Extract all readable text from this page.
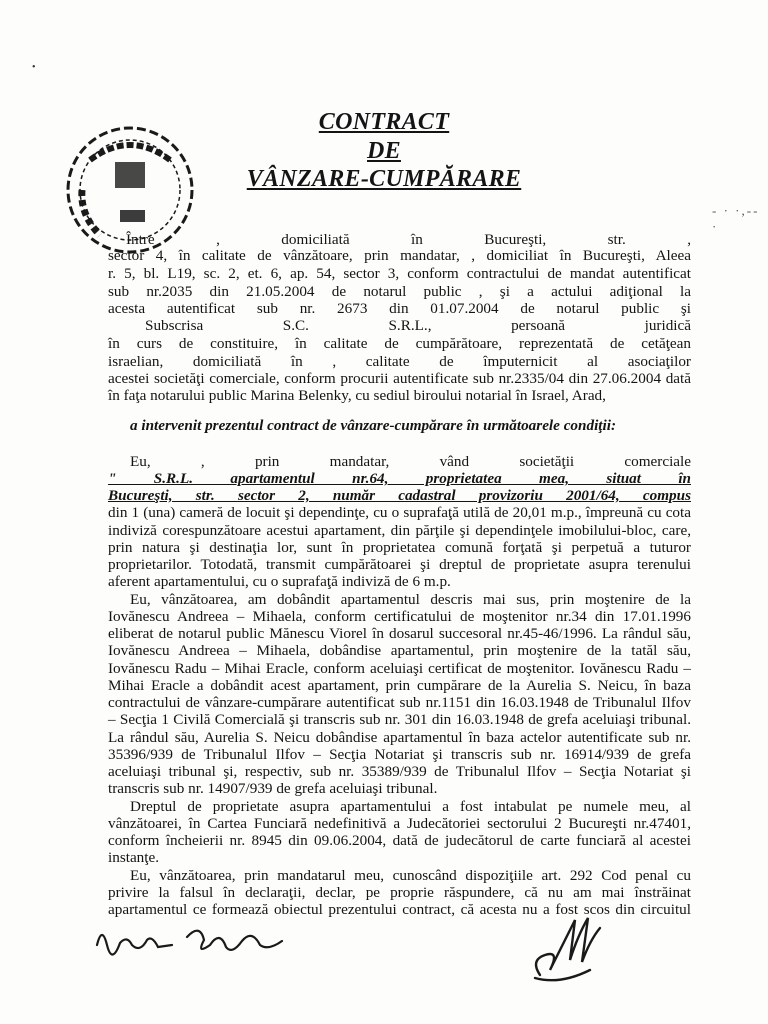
•
- · ·,-- ·
CONTRACT
DE
VÂNZARE-CUMPĂRARE
Între , domiciliată în Bucureşti, str. ,
sector 4, în calitate de vânzătoare, prin mandatar, , domiciliat în Bucureşti, Aleea
r. 5, bl. L19, sc. 2, et. 6, ap. 54, sector 3, conform contractului de mandat autentificat
sub nr.2035 din 21.05.2004 de notarul public , şi a actului adiţional la
acesta autentificat sub nr. 2673 din 01.07.2004 de notarul public şi
Subscrisa S.C. S.R.L., persoană juridică
în curs de constituire, în calitate de cumpărătoare, reprezentată de cetăţean
israelian, domiciliată în , calitate de împuternicit al asociaţilor
acestei societăţi comerciale, conform procurii autentificate sub nr.2335/04 din 27.06.2004 dată
în faţa notarului public Marina Belenky, cu sediul biroului notarial în Israel, Arad,
a intervenit prezentul contract de vânzare-cumpărare în următoarele condiţii:
Eu, , prin mandatar, vând societăţii comerciale
" S.R.L. apartamentul nr.64, proprietatea mea, situat în
Bucureşti, str. sector 2, număr cadastral provizoriu 2001/64, compus
din 1 (una) cameră de locuit şi dependinţe, cu o suprafaţă utilă de 20,01 m.p., împreună cu cota
indiviză corespunzătoare acestui apartament, din părţile şi dependinţele imobilului-bloc, care,
prin natura şi destinaţia lor, sunt în proprietatea comună forţată şi perpetuă a tuturor
proprietarilor. Totodată, transmit cumpărătoarei şi dreptul de proprietate asupra terenului
aferent apartamentului, cu o suprafaţă indiviză de 6 m.p.
Eu, vânzătoarea, am dobândit apartamentul descris mai sus, prin moştenire de la
Iovănescu Andreea – Mihaela, conform certificatului de moştenitor nr.34 din 17.01.1996
eliberat de notarul public Mănescu Viorel în dosarul succesoral nr.45-46/1996. La rândul său,
Iovănescu Andreea – Mihaela, dobândise apartamentul, prin moştenire de la tatăl său,
Iovănescu Radu – Mihai Eracle, conform aceluiaşi certificat de moştenitor. Iovănescu Radu –
Mihai Eracle a dobândit acest apartament, prin cumpărare de la Aurelia S. Neicu, în baza
contractului de vânzare-cumpărare autentificat sub nr.1151 din 16.03.1948 de Tribunalul Ilfov
– Secţia 1 Civilă Comercială şi transcris sub nr. 301 din 16.03.1948 de grefa aceluiaşi tribunal.
La rândul său, Aurelia S. Neicu dobândise apartamentul în baza actelor autentificate sub nr.
35396/939 de Tribunalul Ilfov – Secţia Notariat şi transcris sub nr. 16914/939 de grefa
aceluiaşi tribunal şi, respectiv, sub nr. 35389/939 de Tribunalul Ilfov – Secţia Notariat şi
transcris sub nr. 14907/939 de grefa aceluiaşi tribunal.
Dreptul de proprietate asupra apartamentului a fost intabulat pe numele meu, al
vânzătoarei, în Cartea Funciară nedefinitivă a Judecătoriei sectorului 2 Bucureşti nr.47401,
conform încheierii nr. 8945 din 09.06.2004, dată de judecătorul de carte funciară al acestei
instanţe.
Eu, vânzătoarea, prin mandatarul meu, cunoscând dispoziţiile art. 292 Cod penal cu
privire la falsul în declaraţii, declar, pe proprie răspundere, că nu am mai înstrăinat
apartamentul ce formează obiectul prezentului contract, că acesta nu a fost scos din circuitul
